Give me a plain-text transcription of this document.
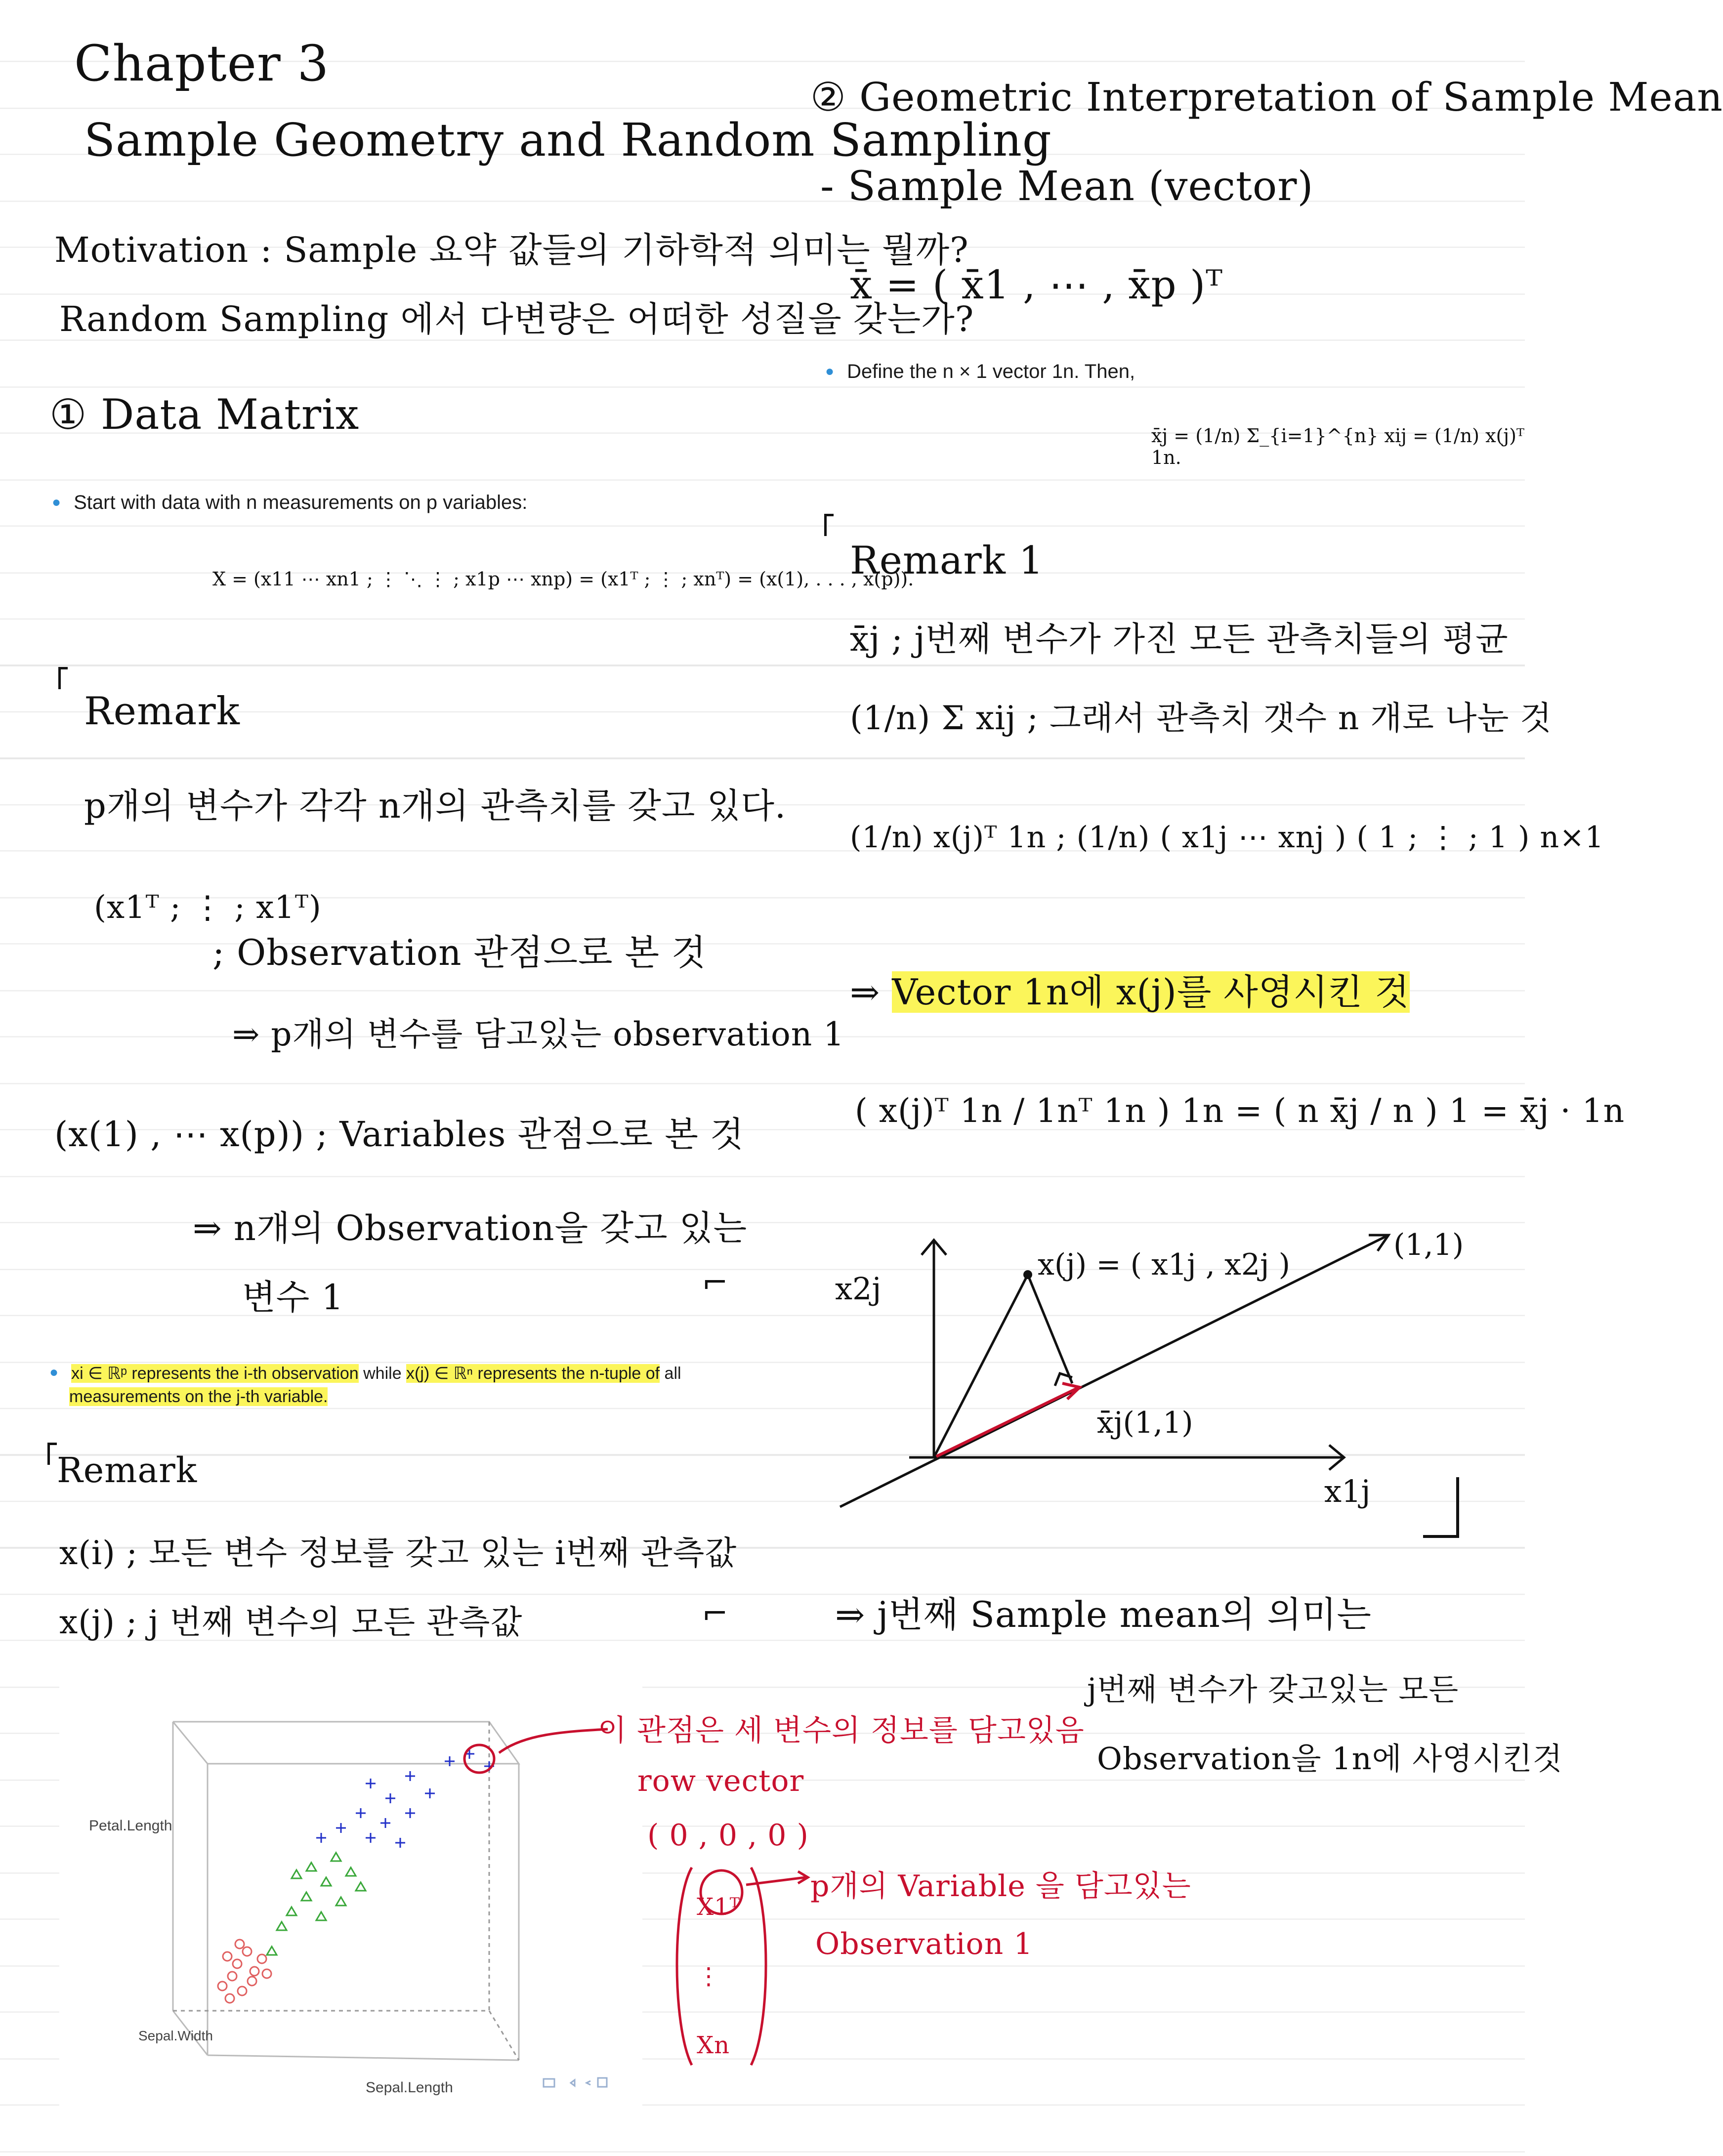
Chapter 3
Sample Geometry and Random Sampling
Motivation : Sample 요약 값들의 기하학적 의미는 뭘까?
Random Sampling 에서 다변량은 어떠한 성질을 갖는가?
① Data Matrix
● Start with data with n measurements on p variables:
X = (x11 ⋯ xn1 ; ⋮ ⋱ ⋮ ; x1p ⋯ xnp) = (x1ᵀ ; ⋮ ; xnᵀ) = (x(1), . . . , x(p)).
Remark
p개의 변수가 각각 n개의 관측치를 갖고 있다.
(x1ᵀ ; ⋮ ; x1ᵀ)
; Observation 관점으로 본 것
⇒ p개의 변수를 담고있는 observation 1
(x(1) , ⋯ x(p)) ; Variables 관점으로 본 것
⇒ n개의 Observation을 갖고 있는
변수 1	⌐
● xi ∈ ℝᵖ represents the i-th observation while x(j) ∈ ℝⁿ represents the n-tuple of all
measurements on the j-th variable.
Remark
x(i) ; 모든 변수 정보를 갖고 있는 i번째 관측값
x(j) ; j 번째 변수의 모든 관측값	⌐
Petal.Length
Sepal.Width
Sepal.Length
이 관점은 세 변수의 정보를 담고있음
row vector
( 0 , 0 , 0 )
X1ᵀ
⋮
Xn
p개의 Variable 을 담고있는
Observation 1
② Geometric Interpretation of Sample Mean
- Sample Mean (vector)
x̄ = ( x̄1 , ⋯ , x̄p )ᵀ
● Define the n × 1 vector 1n. Then,
x̄j = (1/n) Σ_{i=1}^{n} xij = (1/n) x(j)ᵀ 1n.
Remark 1
x̄j ; j번째 변수가 가진 모든 관측치들의 평균
(1/n) Σ xij ; 그래서 관측치 갯수 n 개로 나눈 것
(1/n) x(j)ᵀ 1n ; (1/n) ( x1j ⋯ xnj ) ( 1 ; ⋮ ; 1 ) n×1
⇒ Vector 1n에 x(j)를 사영시킨 것
( x(j)ᵀ 1n / 1nᵀ 1n ) 1n = ( n x̄j / n ) 1 = x̄j · 1n
x2j
x1j
x(j) = ( x1j , x2j )
x̄j(1,1)
(1,1)
⇒ j번째 Sample mean의 의미는
j번째 변수가 갖고있는 모든
Observation을 1n에 사영시킨것
